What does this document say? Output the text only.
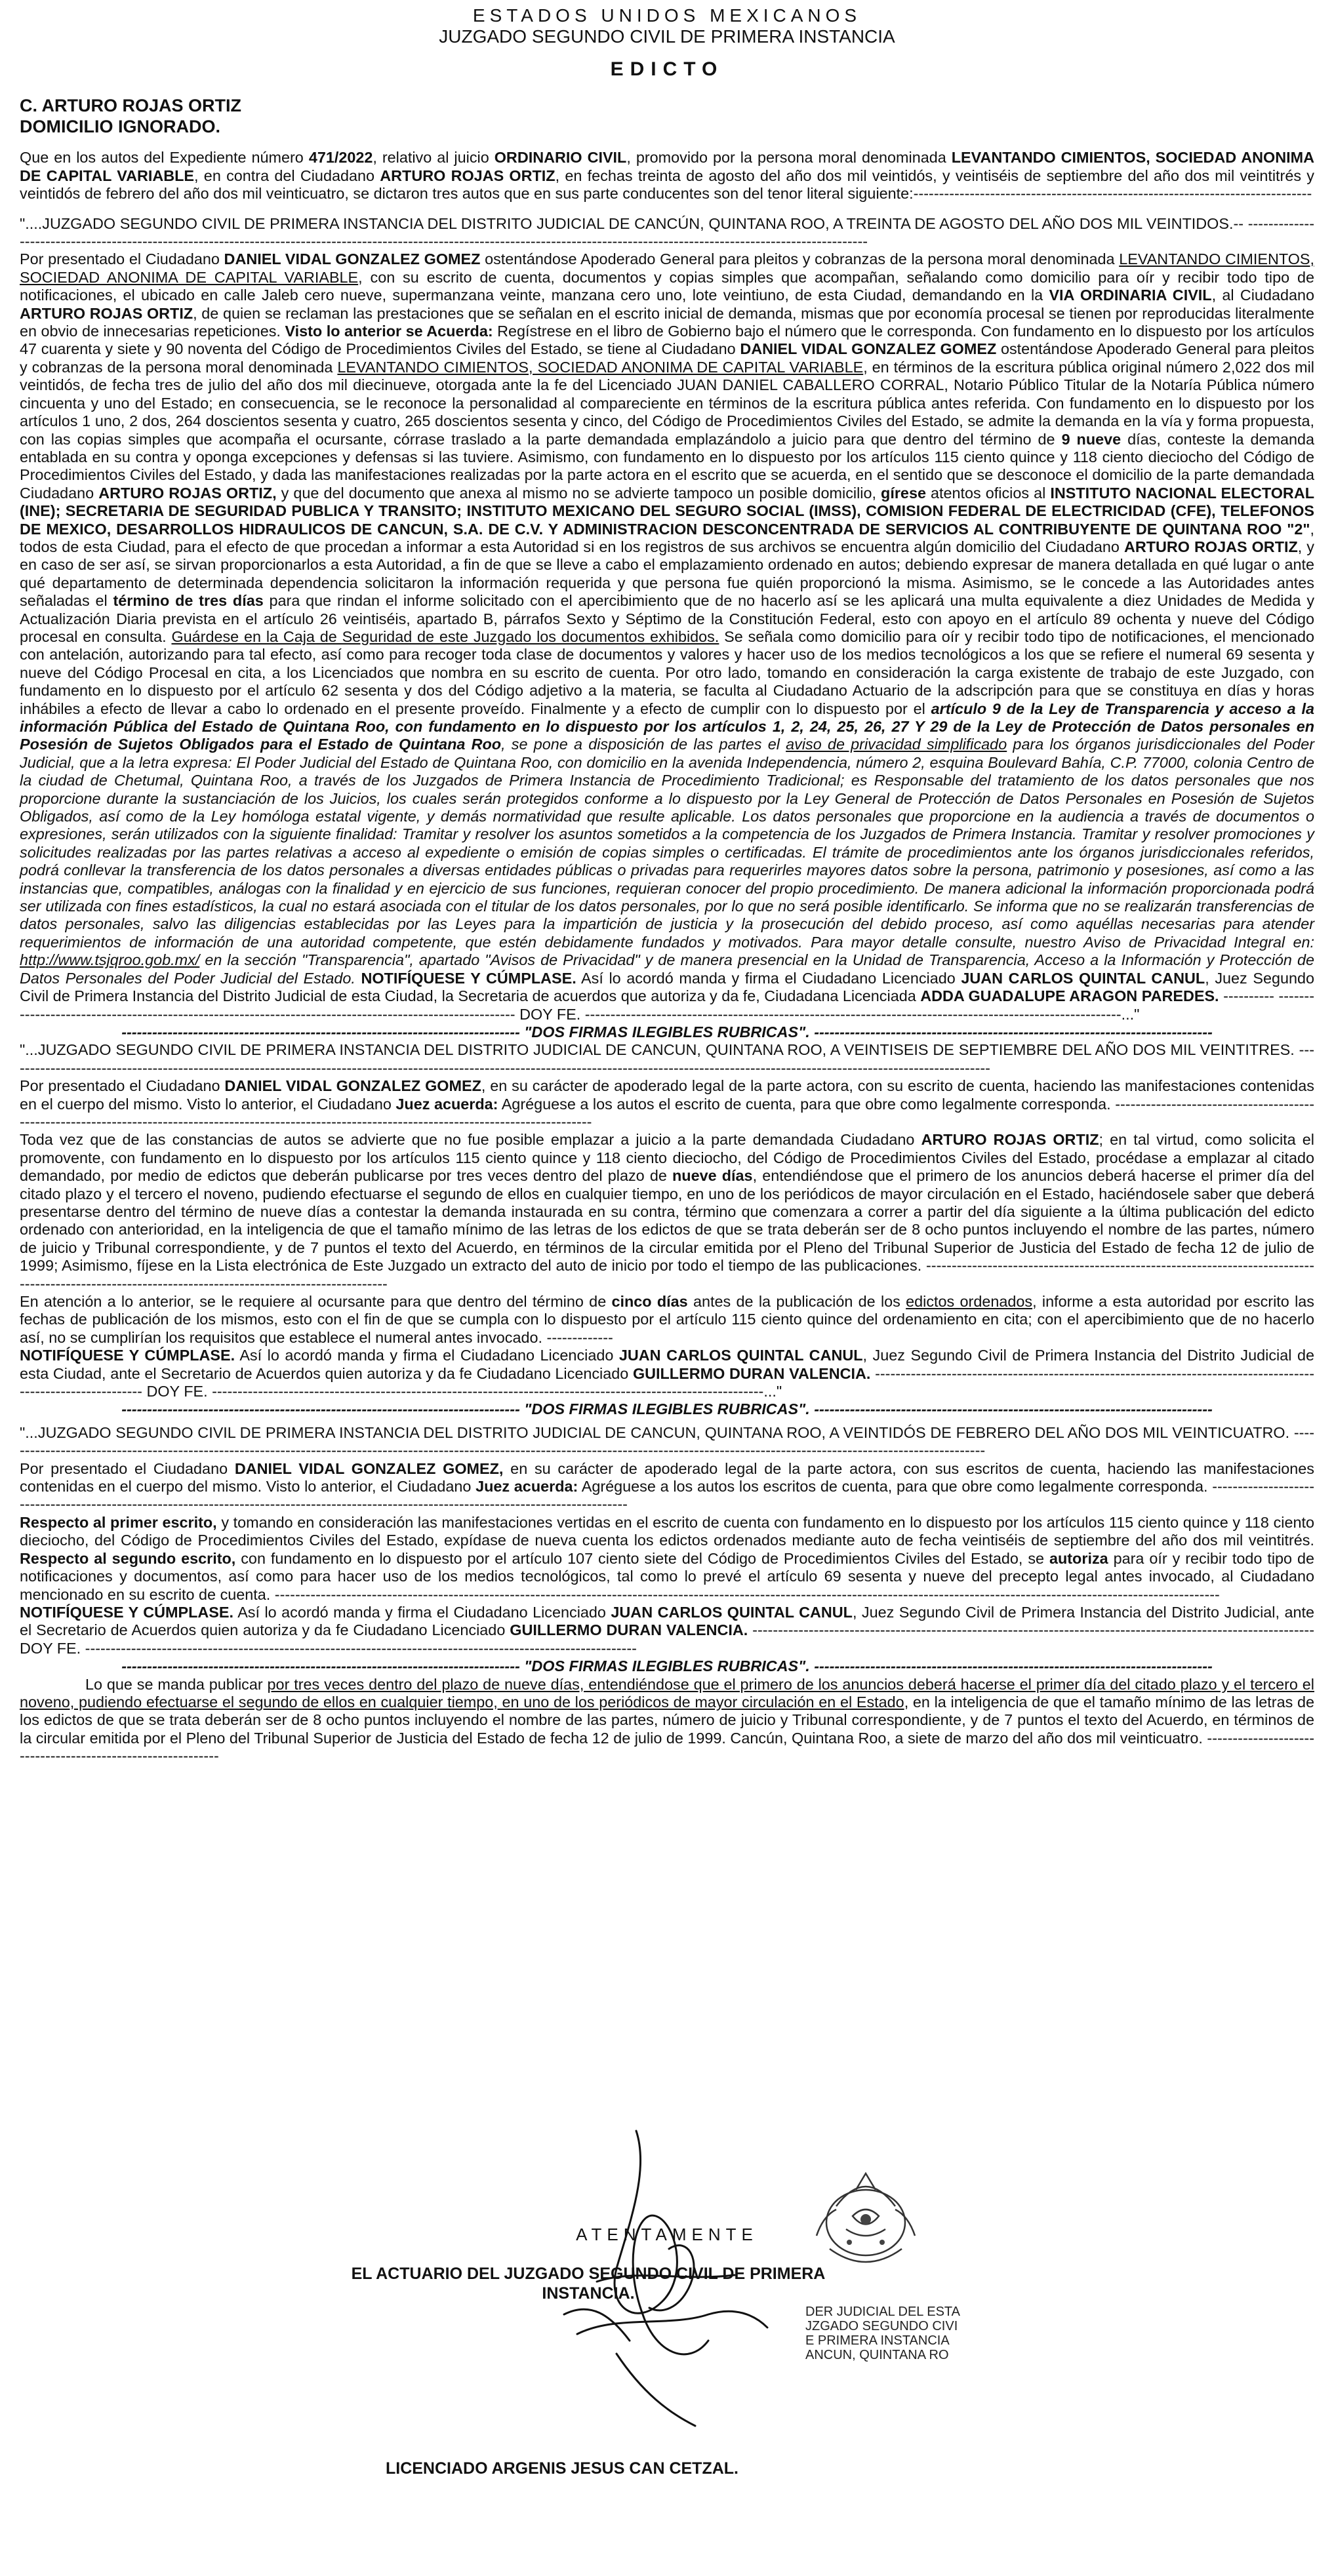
ESTADOS UNIDOS MEXICANOS
JUZGADO SEGUNDO CIVIL DE PRIMERA INSTANCIA
EDICTO
C. ARTURO ROJAS ORTIZ
DOMICILIO IGNORADO.

Que en los autos del Expediente número 471/2022, relativo al juicio ORDINARIO CIVIL, promovido por la persona moral denominada LEVANTANDO CIMIENTOS, SOCIEDAD ANONIMA DE CAPITAL VARIABLE, en contra del Ciudadano ARTURO ROJAS ORTIZ, en fechas treinta de agosto del año dos mil veintidós, y veintiséis de septiembre del año dos mil veintitrés y veintidós de febrero del año dos mil veinticuatro, se dictaron tres autos que en sus parte conducentes son del tenor literal siguiente:------------------------------------------------------------------------------

"....JUZGADO SEGUNDO CIVIL DE PRIMERA INSTANCIA DEL DISTRITO JUDICIAL DE CANCÚN, QUINTANA ROO, A TREINTA DE AGOSTO DEL AÑO DOS MIL VEINTIDOS.-- -----------------------------------------------------------------------------------------------------------------------------------------------------------------------------------

Por presentado el Ciudadano DANIEL VIDAL GONZALEZ GOMEZ ostentándose Apoderado General para pleitos y cobranzas de la persona moral denominada LEVANTANDO CIMIENTOS, SOCIEDAD ANONIMA DE CAPITAL VARIABLE, con su escrito de cuenta, documentos y copias simples que acompañan, señalando como domicilio para oír y recibir todo tipo de notificaciones, el ubicado en calle Jaleb cero nueve, supermanzana veinte, manzana cero uno, lote veintiuno, de esta Ciudad, demandando en la VIA ORDINARIA CIVIL, al Ciudadano ARTURO ROJAS ORTIZ, de quien se reclaman las prestaciones que se señalan en el escrito inicial de demanda, mismas que por economía procesal se tienen por reproducidas literalmente en obvio de innecesarias repeticiones. Visto lo anterior se Acuerda: Regístrese en el libro de Gobierno bajo el número que le corresponda. Con fundamento en lo dispuesto por los artículos 47 cuarenta y siete y 90 noventa del Código de Procedimientos Civiles del Estado, se tiene al Ciudadano DANIEL VIDAL GONZALEZ GOMEZ ostentándose Apoderado General para pleitos y cobranzas de la persona moral denominada LEVANTANDO CIMIENTOS, SOCIEDAD ANONIMA DE CAPITAL VARIABLE, en términos de la escritura pública original número 2,022 dos mil veintidós, de fecha tres de julio del año dos mil diecinueve, otorgada ante la fe del Licenciado JUAN DANIEL CABALLERO CORRAL, Notario Público Titular de la Notaría Pública número cincuenta y uno del Estado; en consecuencia, se le reconoce la personalidad al compareciente en términos de la escritura pública antes referida. Con fundamento en lo dispuesto por los artículos 1 uno, 2 dos, 264 doscientos sesenta y cuatro, 265 doscientos sesenta y cinco, del Código de Procedimientos Civiles del Estado, se admite la demanda en la vía y forma propuesta, con las copias simples que acompaña el ocursante, córrase traslado a la parte demandada emplazándolo a juicio para que dentro del término de 9 nueve días, conteste la demanda entablada en su contra y oponga excepciones y defensas si las tuviere. Asimismo, con fundamento en lo dispuesto por los artículos 115 ciento quince y 118 ciento dieciocho del Código de Procedimientos Civiles del Estado, y dada las manifestaciones realizadas por la parte actora en el escrito que se acuerda, en el sentido que se desconoce el domicilio de la parte demandada Ciudadano ARTURO ROJAS ORTIZ, y que del documento que anexa al mismo no se advierte tampoco un posible domicilio, gírese atentos oficios al INSTITUTO NACIONAL ELECTORAL (INE); SECRETARIA DE SEGURIDAD PUBLICA Y TRANSITO; INSTITUTO MEXICANO DEL SEGURO SOCIAL (IMSS), COMISION FEDERAL DE ELECTRICIDAD (CFE), TELEFONOS DE MEXICO, DESARROLLOS HIDRAULICOS DE CANCUN, S.A. DE C.V. Y ADMINISTRACION DESCONCENTRADA DE SERVICIOS AL CONTRIBUYENTE DE QUINTANA ROO "2", todos de esta Ciudad, para el efecto de que procedan a informar a esta Autoridad si en los registros de sus archivos se encuentra algún domicilio del Ciudadano ARTURO ROJAS ORTIZ, y en caso de ser así, se sirvan proporcionarlos a esta Autoridad, a fin de que se lleve a cabo el emplazamiento ordenado en autos; debiendo expresar de manera detallada en qué lugar o ante qué departamento de determinada dependencia solicitaron la información requerida y que persona fue quién proporcionó la misma. Asimismo, se le concede a las Autoridades antes señaladas el término de tres días para que rindan el informe solicitado con el apercibimiento que de no hacerlo así se les aplicará una multa equivalente a diez Unidades de Medida y Actualización Diaria prevista en el artículo 26 veintiséis, apartado B, párrafos Sexto y Séptimo de la Constitución Federal, esto con apoyo en el artículo 89 ochenta y nueve del Código procesal en consulta. Guárdese en la Caja de Seguridad de este Juzgado los documentos exhibidos. Se señala como domicilio para oír y recibir todo tipo de notificaciones, el mencionado con antelación, autorizando para tal efecto, así como para recoger toda clase de documentos y valores y hacer uso de los medios tecnológicos a los que se refiere el numeral 69 sesenta y nueve del Código Procesal en cita, a los Licenciados que nombra en su escrito de cuenta. Por otro lado, tomando en consideración la carga existente de trabajo de este Juzgado, con fundamento en lo dispuesto por el artículo 62 sesenta y dos del Código adjetivo a la materia, se faculta al Ciudadano Actuario de la adscripción para que se constituya en días y horas inhábiles a efecto de llevar a cabo lo ordenado en el presente proveído. Finalmente y a efecto de cumplir con lo dispuesto por el artículo 9 de la Ley de Transparencia y acceso a la información Pública del Estado de Quintana Roo, con fundamento en lo dispuesto por los artículos 1, 2, 24, 25, 26, 27 Y 29 de la Ley de Protección de Datos personales en Posesión de Sujetos Obligados para el Estado de Quintana Roo, se pone a disposición de las partes el aviso de privacidad simplificado para los órganos jurisdiccionales del Poder Judicial, que a la letra expresa: El Poder Judicial del Estado de Quintana Roo, con domicilio en la avenida Independencia, número 2, esquina Boulevard Bahía, C.P. 77000, colonia Centro de la ciudad de Chetumal, Quintana Roo, a través de los Juzgados de Primera Instancia de Procedimiento Tradicional; es Responsable del tratamiento de los datos personales que nos proporcione durante la sustanciación de los Juicios, los cuales serán protegidos conforme a lo dispuesto por la Ley General de Protección de Datos Personales en Posesión de Sujetos Obligados, así como de la Ley homóloga estatal vigente, y demás normatividad que resulte aplicable. Los datos personales que proporcione en la audiencia a través de documentos o expresiones, serán utilizados con la siguiente finalidad: Tramitar y resolver los asuntos sometidos a la competencia de los Juzgados de Primera Instancia. Tramitar y resolver promociones y solicitudes realizadas por las partes relativas a acceso al expediente o emisión de copias simples o certificadas. El trámite de procedimientos ante los órganos jurisdiccionales referidos, podrá conllevar la transferencia de los datos personales a diversas entidades públicas o privadas para requerirles mayores datos sobre la persona, patrimonio y posesiones, así como a las instancias que, compatibles, análogas con la finalidad y en ejercicio de sus funciones, requieran conocer del propio procedimiento. De manera adicional la información proporcionada podrá ser utilizada con fines estadísticos, la cual no estará asociada con el titular de los datos personales, por lo que no será posible identificarlo. Se informa que no se realizarán transferencias de datos personales, salvo las diligencias establecidas por las Leyes para la impartición de justicia y la prosecución del debido proceso, así como aquéllas necesarias para atender requerimientos de información de una autoridad competente, que estén debidamente fundados y motivados. Para mayor detalle consulte, nuestro Aviso de Privacidad Integral en: http://www.tsjqroo.gob.mx/ en la sección "Transparencia", apartado "Avisos de Privacidad" y de manera presencial en la Unidad de Transparencia, Acceso a la Información y Protección de Datos Personales del Poder Judicial del Estado. NOTIFÍQUESE Y CÚMPLASE. Así lo acordó manda y firma el Ciudadano Licenciado JUAN CARLOS QUINTAL CANUL, Juez Segundo Civil de Primera Instancia del Distrito Judicial de esta Ciudad, la Secretaria de acuerdos que autoriza y da fe, Ciudadana Licenciada ADDA GUADALUPE ARAGON PAREDES. ---------- -------------------------------------------------------------------------------------------------------- DOY FE. ---------------------------------------------------------------------------------------------------------..."

------------------------------------------------------------------------------ "DOS FIRMAS ILEGIBLES RUBRICAS". ------------------------------------------------------------------------------

"...JUZGADO SEGUNDO CIVIL DE PRIMERA INSTANCIA DEL DISTRITO JUDICIAL DE CANCUN, QUINTANA ROO, A VEINTISEIS DE SEPTIEMBRE DEL AÑO DOS MIL VEINTITRES. -------------------------------------------------------------------------------------------------------------------------------------------------------------------------------------------------

Por presentado el Ciudadano DANIEL VIDAL GONZALEZ GOMEZ, en su carácter de apoderado legal de la parte actora, con su escrito de cuenta, haciendo las manifestaciones contenidas en el cuerpo del mismo. Visto lo anterior, el Ciudadano Juez acuerda: Agréguese a los autos el escrito de cuenta, para que obre como legalmente corresponda. -------------------------------------------------------------------------------------------------------------------------------------------------------

Toda vez que de las constancias de autos se advierte que no fue posible emplazar a juicio a la parte demandada Ciudadano ARTURO ROJAS ORTIZ; en tal virtud, como solicita el promovente, con fundamento en lo dispuesto por los artículos 115 ciento quince y 118 ciento dieciocho, del Código de Procedimientos Civiles del Estado, procédase a emplazar al citado demandado, por medio de edictos que deberán publicarse por tres veces dentro del plazo de nueve días, entendiéndose que el primero de los anuncios deberá hacerse el primer día del citado plazo y el tercero el noveno, pudiendo efectuarse el segundo de ellos en cualquier tiempo, en uno de los periódicos de mayor circulación en el Estado, haciéndosele saber que deberá presentarse dentro del término de nueve días a contestar la demanda instaurada en su contra, término que comenzara a correr a partir del día siguiente a la última publicación del edicto ordenado con anterioridad, en la inteligencia de que el tamaño mínimo de las letras de los edictos de que se trata deberán ser de 8 ocho puntos incluyendo el nombre de las partes, número de juicio y Tribunal correspondiente, y de 7 puntos el texto del Acuerdo, en términos de la circular emitida por el Pleno del Tribunal Superior de Justicia del Estado de fecha 12 de julio de 1999; Asimismo, fíjese en la Lista electrónica de Este Juzgado un extracto del auto de inicio por todo el tiempo de las publicaciones. ----------------------------------------------------------------------------------------------------------------------------------------------------

En atención a lo anterior, se le requiere al ocursante para que dentro del término de cinco días antes de la publicación de los edictos ordenados, informe a esta autoridad por escrito las fechas de publicación de los mismos, esto con el fin de que se cumpla con lo dispuesto por el artículo 115 ciento quince del ordenamiento en cita; con el apercibimiento que de no hacerlo así, no se cumplirían los requisitos que establece el numeral antes invocado. -------------

NOTIFÍQUESE Y CÚMPLASE. Así lo acordó manda y firma el Ciudadano Licenciado JUAN CARLOS QUINTAL CANUL, Juez Segundo Civil de Primera Instancia del Distrito Judicial de esta Ciudad, ante el Secretario de Acuerdos quien autoriza y da fe Ciudadano Licenciado GUILLERMO DURAN VALENCIA. -------------------------------------------------------------------------------------------------------------- DOY FE. ------------------------------------------------------------------------------------------------------------..."

------------------------------------------------------------------------------ "DOS FIRMAS ILEGIBLES RUBRICAS". ------------------------------------------------------------------------------

"...JUZGADO SEGUNDO CIVIL DE PRIMERA INSTANCIA DEL DISTRITO JUDICIAL DE CANCUN, QUINTANA ROO, A VEINTIDÓS DE FEBRERO DEL AÑO DOS MIL VEINTICUATRO. -------------------------------------------------------------------------------------------------------------------------------------------------------------------------------------------------

Por presentado el Ciudadano DANIEL VIDAL GONZALEZ GOMEZ, en su carácter de apoderado legal de la parte actora, con sus escritos de cuenta, haciendo las manifestaciones contenidas en el cuerpo del mismo. Visto lo anterior, el Ciudadano Juez acuerda: Agréguese a los autos los escritos de cuenta, para que obre como legalmente corresponda. -------------------------------------------------------------------------------------------------------------------------------------------

Respecto al primer escrito, y tomando en consideración las manifestaciones vertidas en el escrito de cuenta con fundamento en lo dispuesto por los artículos 115 ciento quince y 118 ciento dieciocho, del Código de Procedimientos Civiles del Estado, expídase de nueva cuenta los edictos ordenados mediante auto de fecha veintiséis de septiembre del año dos mil veintitrés. Respecto al segundo escrito, con fundamento en lo dispuesto por el artículo 107 ciento siete del Código de Procedimientos Civiles del Estado, se autoriza para oír y recibir todo tipo de notificaciones y documentos, así como para hacer uso de los medios tecnológicos, tal como lo prevé el artículo 69 sesenta y nueve del precepto legal antes invocado, al Ciudadano mencionado en su escrito de cuenta. -----------------------------------------------------------------------------------------------------------------------------------------------------------------------------------------

NOTIFÍQUESE Y CÚMPLASE. Así lo acordó manda y firma el Ciudadano Licenciado JUAN CARLOS QUINTAL CANUL, Juez Segundo Civil de Primera Instancia del Distrito Judicial, ante el Secretario de Acuerdos quien autoriza y da fe Ciudadano Licenciado GUILLERMO DURAN VALENCIA. -------------------------------------------------------------------------------------------------------------- DOY FE. ------------------------------------------------------------------------------------------------------------

------------------------------------------------------------------------------ "DOS FIRMAS ILEGIBLES RUBRICAS". ------------------------------------------------------------------------------

Lo que se manda publicar por tres veces dentro del plazo de nueve días, entendiéndose que el primero de los anuncios deberá hacerse el primer día del citado plazo y el tercero el noveno, pudiendo efectuarse el segundo de ellos en cualquier tiempo, en uno de los periódicos de mayor circulación en el Estado, en la inteligencia de que el tamaño mínimo de las letras de los edictos de que se trata deberán ser de 8 ocho puntos incluyendo el nombre de las partes, número de juicio y Tribunal correspondiente, y de 7 puntos el texto del Acuerdo, en términos de la circular emitida por el Pleno del Tribunal Superior de Justicia del Estado de fecha 12 de julio de 1999. Cancún, Quintana Roo, a siete de marzo del año dos mil veinticuatro. ------------------------------------------------------------

ATENTAMENTE
EL ACTUARIO DEL JUZGADO SEGUNDO CIVIL DE PRIMERA
INSTANCIA.
LICENCIADO ARGENIS JESUS CAN CETZAL.
DER JUDICIAL DEL ESTA
JZGADO SEGUNDO CIVI
E PRIMERA INSTANCIA
ANCUN, QUINTANA RO
